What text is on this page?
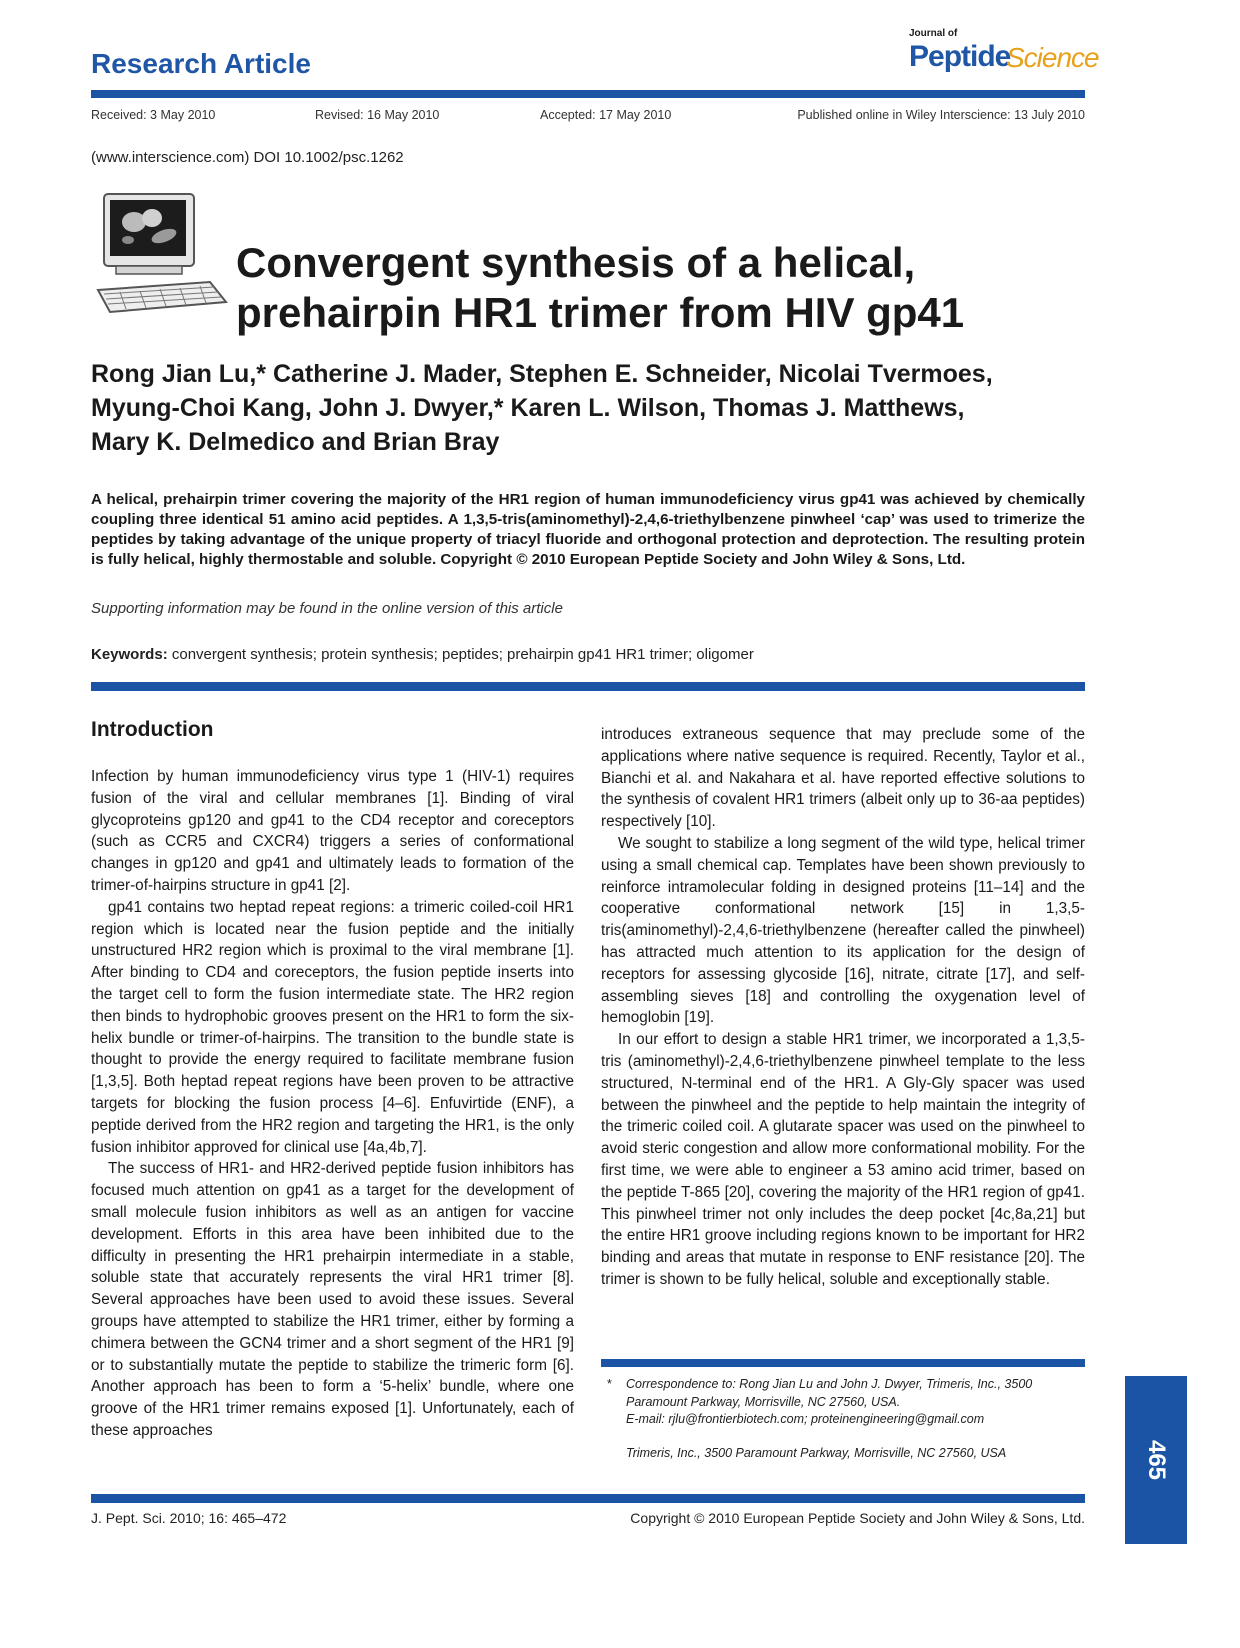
Research Article
Journal of
Peptide
Science
Received: 3 May 2010	Revised: 16 May 2010	Accepted: 17 May 2010	Published online in Wiley Interscience: 13 July 2010
(www.interscience.com) DOI 10.1002/psc.1262
Convergent synthesis of a helical,
prehairpin HR1 trimer from HIV gp41
Rong Jian Lu,* Catherine J. Mader, Stephen E. Schneider, Nicolai Tvermoes,
Myung-Choi Kang, John J. Dwyer,* Karen L. Wilson, Thomas J. Matthews,
Mary K. Delmedico and Brian Bray
A helical, prehairpin trimer covering the majority of the HR1 region of human immunodeficiency virus gp41 was achieved by chemically coupling three identical 51 amino acid peptides. A 1,3,5-tris(aminomethyl)-2,4,6-triethylbenzene pinwheel ‘cap’ was used to trimerize the peptides by taking advantage of the unique property of triacyl fluoride and orthogonal protection and deprotection. The resulting protein is fully helical, highly thermostable and soluble. Copyright © 2010 European Peptide Society and John Wiley & Sons, Ltd.
Supporting information may be found in the online version of this article
Keywords: convergent synthesis; protein synthesis; peptides; prehairpin gp41 HR1 trimer; oligomer
Introduction

Infection by human immunodeficiency virus type 1 (HIV-1) requires fusion of the viral and cellular membranes [1]. Binding of viral glycoproteins gp120 and gp41 to the CD4 receptor and coreceptors (such as CCR5 and CXCR4) triggers a series of conformational changes in gp120 and gp41 and ultimately leads to formation of the trimer-of-hairpins structure in gp41 [2].

gp41 contains two heptad repeat regions: a trimeric coiled-coil HR1 region which is located near the fusion peptide and the initially unstructured HR2 region which is proximal to the viral membrane [1]. After binding to CD4 and coreceptors, the fusion peptide inserts into the target cell to form the fusion intermediate state. The HR2 region then binds to hydrophobic grooves present on the HR1 to form the six-helix bundle or trimer-of-hairpins. The transition to the bundle state is thought to provide the energy required to facilitate membrane fusion [1,3,5]. Both heptad repeat regions have been proven to be attractive targets for blocking the fusion process [4–6]. Enfuvirtide (ENF), a peptide derived from the HR2 region and targeting the HR1, is the only fusion inhibitor approved for clinical use [4a,4b,7].

The success of HR1- and HR2-derived peptide fusion inhibitors has focused much attention on gp41 as a target for the development of small molecule fusion inhibitors as well as an antigen for vaccine development. Efforts in this area have been inhibited due to the difficulty in presenting the HR1 prehairpin intermediate in a stable, soluble state that accurately represents the viral HR1 trimer [8]. Several approaches have been used to avoid these issues. Several groups have attempted to stabilize the HR1 trimer, either by forming a chimera between the GCN4 trimer and a short segment of the HR1 [9] or to substantially mutate the peptide to stabilize the trimeric form [6]. Another approach has been to form a ‘5-helix’ bundle, where one groove of the HR1 trimer remains exposed [1]. Unfortunately, each of these approaches

introduces extraneous sequence that may preclude some of the applications where native sequence is required. Recently, Taylor et al., Bianchi et al. and Nakahara et al. have reported effective solutions to the synthesis of covalent HR1 trimers (albeit only up to 36-aa peptides) respectively [10].

We sought to stabilize a long segment of the wild type, helical trimer using a small chemical cap. Templates have been shown previously to reinforce intramolecular folding in designed proteins [11–14] and the cooperative conformational network [15] in 1,3,5-tris(aminomethyl)-2,4,6-triethylbenzene (hereafter called the pinwheel) has attracted much attention to its application for the design of receptors for assessing glycoside [16], nitrate, citrate [17], and self-assembling sieves [18] and controlling the oxygenation level of hemoglobin [19].

In our effort to design a stable HR1 trimer, we incorporated a 1,3,5-tris (aminomethyl)-2,4,6-triethylbenzene pinwheel template to the less structured, N-terminal end of the HR1. A Gly-Gly spacer was used between the pinwheel and the peptide to help maintain the integrity of the trimeric coiled coil. A glutarate spacer was used on the pinwheel to avoid steric congestion and allow more conformational mobility. For the first time, we were able to engineer a 53 amino acid trimer, based on the peptide T-865 [20], covering the majority of the HR1 region of gp41. This pinwheel trimer not only includes the deep pocket [4c,8a,21] but the entire HR1 groove including regions known to be important for HR2 binding and areas that mutate in response to ENF resistance [20]. The trimer is shown to be fully helical, soluble and exceptionally stable.

* Correspondence to: Rong Jian Lu and John J. Dwyer, Trimeris, Inc., 3500 Paramount Parkway, Morrisville, NC 27560, USA.
E-mail: rjlu@frontierbiotech.com; proteinengineering@gmail.com
Trimeris, Inc., 3500 Paramount Parkway, Morrisville, NC 27560, USA	465
J. Pept. Sci. 2010; 16: 465–472	Copyright © 2010 European Peptide Society and John Wiley & Sons, Ltd.
